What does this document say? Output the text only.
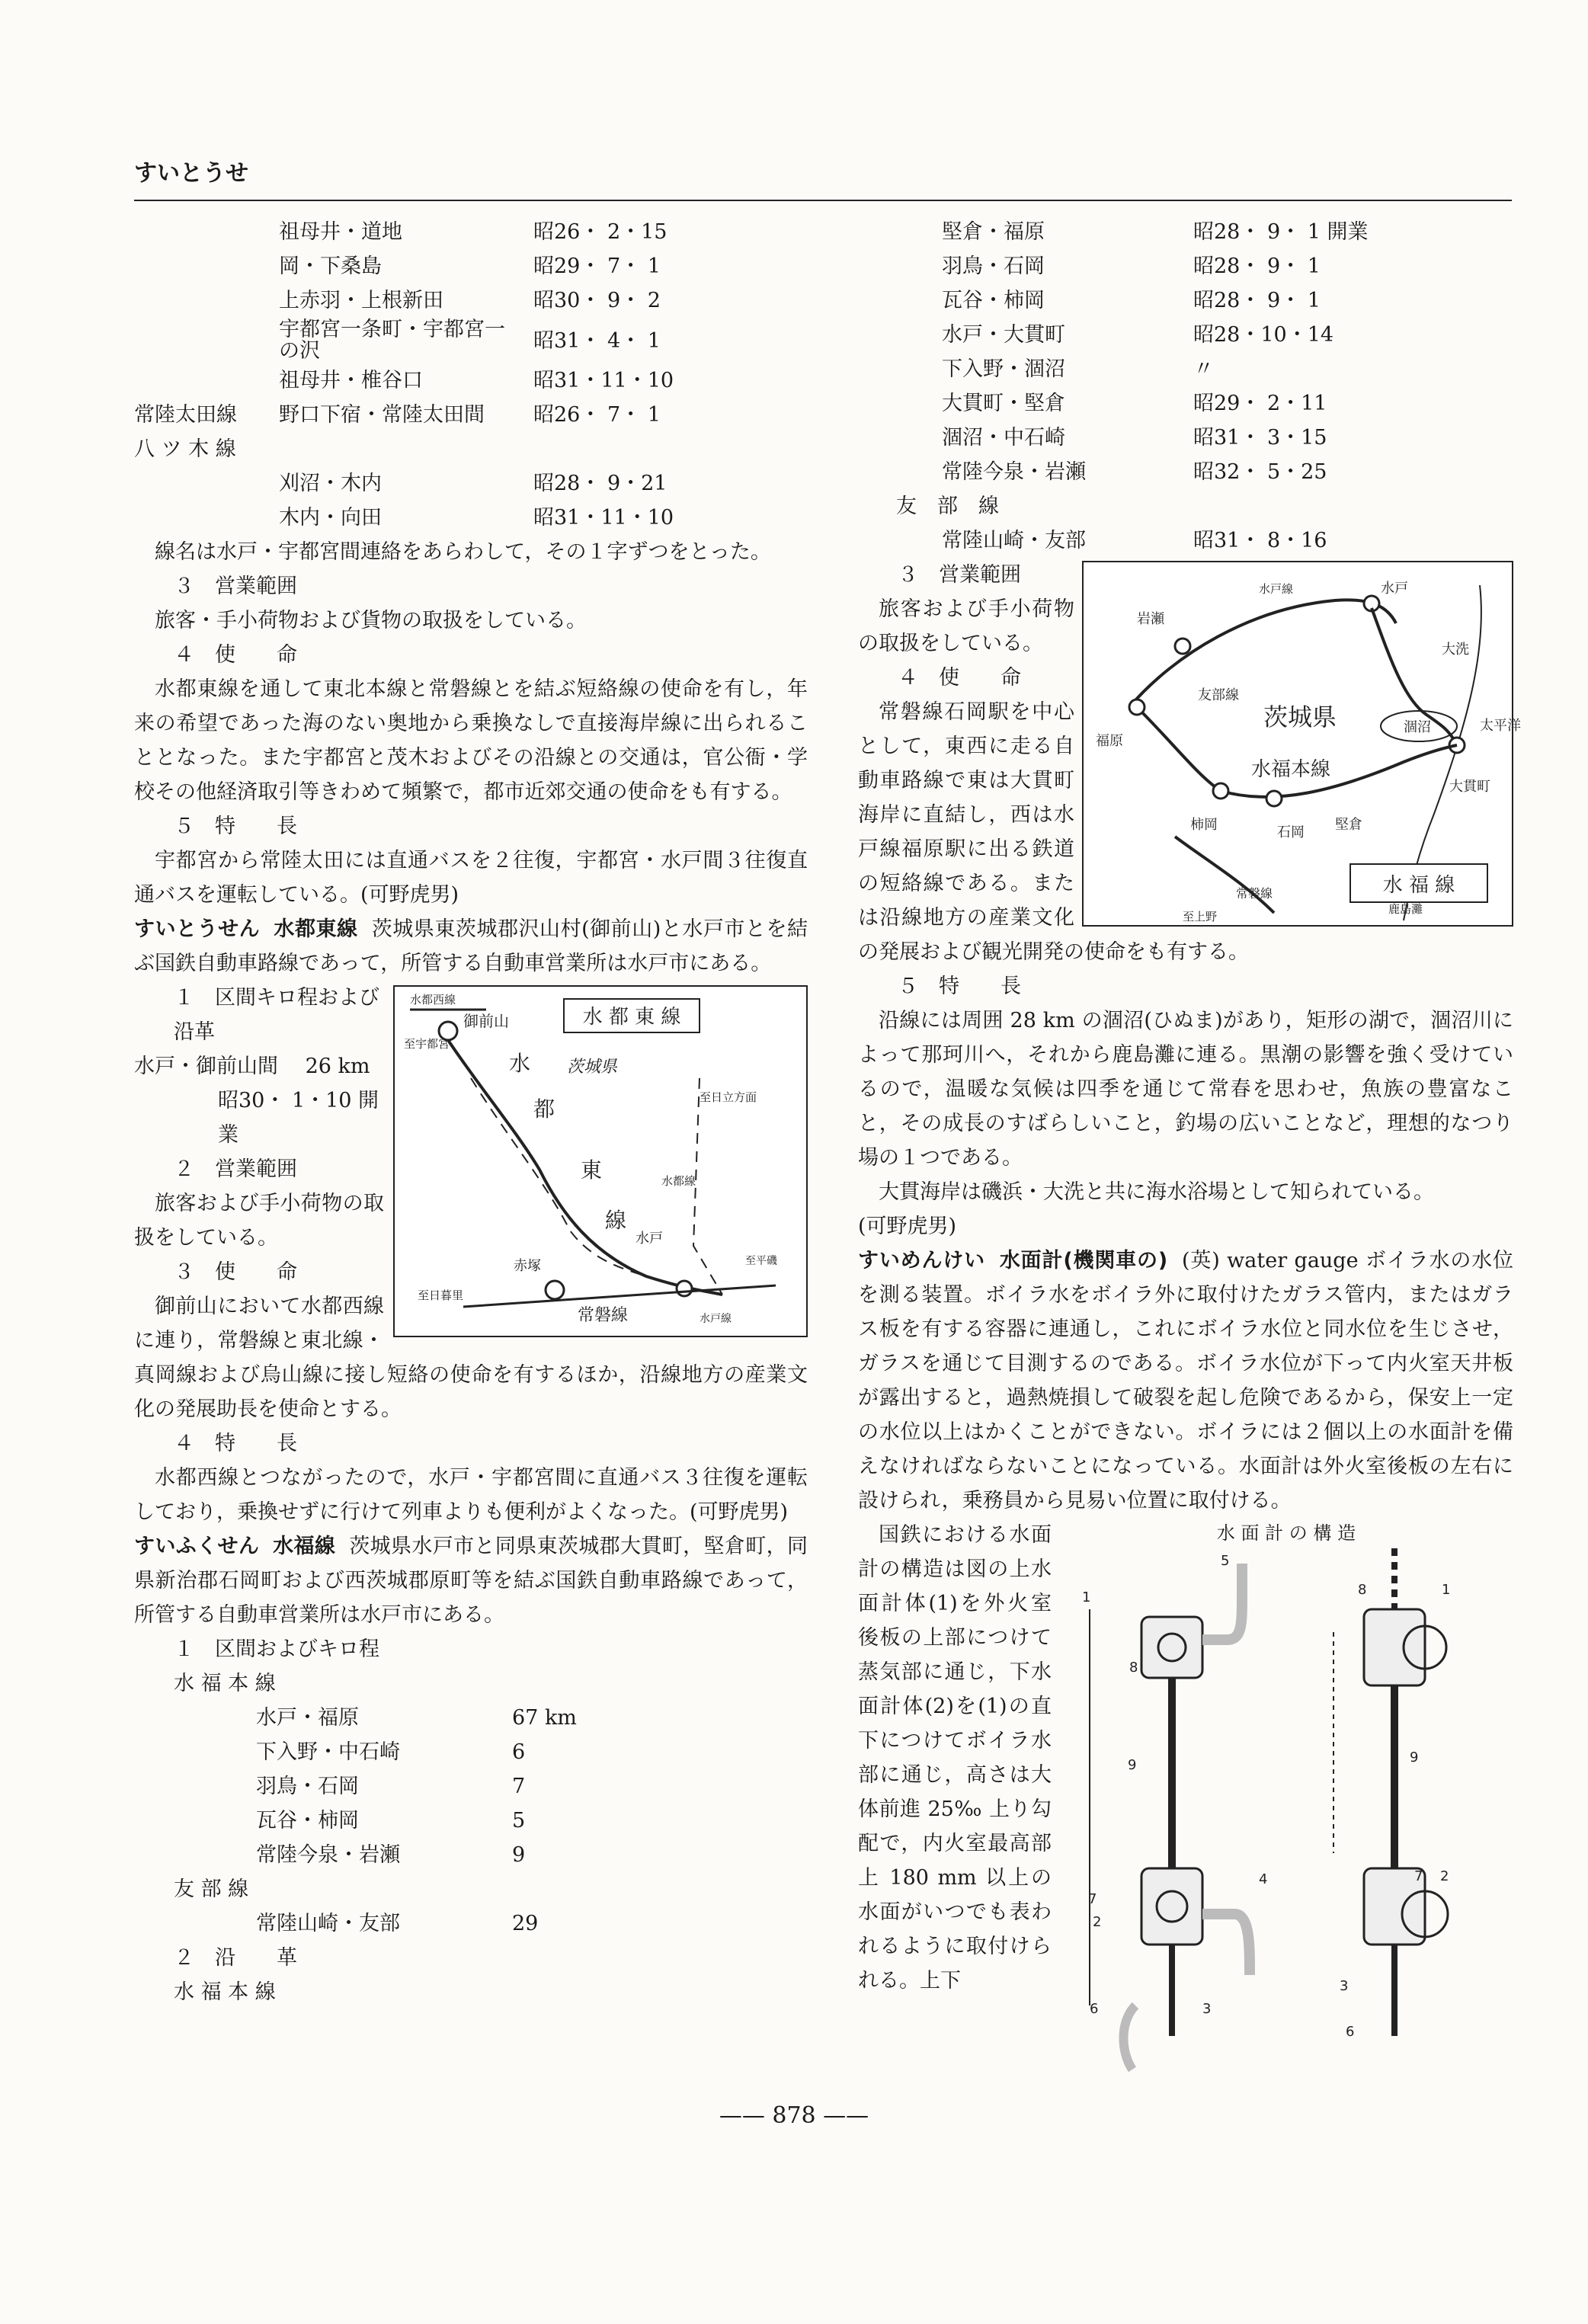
すいとうせ
祖母井・道地	昭26・ 2・15
岡・下桑島	昭29・ 7・ 1
上赤羽・上根新田	昭30・ 9・ 2
宇都宮一条町・宇都宮一の沢	昭31・ 4・ 1
祖母井・椎谷口	昭31・11・10
常陸太田線	野口下宿・常陸太田間	昭26・ 7・ 1
八 ツ 木 線
刈沼・木内	昭28・ 9・21
木内・向田	昭31・11・10

線名は水戸・宇都宮間連絡をあらわして，その１字ずつをとった。

３　営業範囲

旅客・手小荷物および貨物の取扱をしている。

４　使　　命

水都東線を通して東北本線と常磐線とを結ぶ短絡線の使命を有し，年来の希望であった海のない奥地から乗換なしで直接海岸線に出られることとなった。また宇都宮と茂木およびその沿線との交通は，官公衙・学校その他経済取引等きわめて頻繁で，都市近郊交通の使命をも有する。

５　特　　長

宇都宮から常陸太田には直通バスを２往復，宇都宮・水戸間３往復直通バスを運転している。(可野虎男)

すいとうせん 水都東線 茨城県東茨城郡沢山村(御前山)と水戸市とを結ぶ国鉄自動車路線であって，所管する自動車営業所は水戸市にある。

水 都 東 線
水都西線
御前山
至宇都宮
茨城県
至日立方面
水
都
東
線
水都線
水戸
赤塚
常磐線
至日暮里
水戸線
至平磯

１　区間キロ程および沿革

水戸・御前山間　 26 km

昭30・ 1・10 開業

２　営業範囲

旅客および手小荷物の取扱をしている。

３　使　　命

御前山において水都西線に連り，常磐線と東北線・真岡線および烏山線に接し短絡の使命を有するほか，沿線地方の産業文化の発展助長を使命とする。

４　特　　長

水都西線とつながったので，水戸・宇都宮間に直通バス３往復を運転しており，乗換せずに行けて列車よりも便利がよくなった。(可野虎男)

すいふくせん 水福線 茨城県水戸市と同県東茨城郡大貫町，堅倉町，同県新治郡石岡町および西茨城郡原町等を結ぶ国鉄自動車路線であって，所管する自動車営業所は水戸市にある。

１　区間およびキロ程

水 福 本 線

水戸・福原	67 km
下入野・中石崎	6
羽鳥・石岡	7
瓦谷・柿岡	5
常陸今泉・岩瀬	9

友 部 線

常陸山崎・友部	29

２　沿　　革

水 福 本 線

堅倉・福原	昭28・ 9・ 1 開業
羽鳥・石岡	昭28・ 9・ 1
瓦谷・柿岡	昭28・ 9・ 1
水戸・大貫町	昭28・10・14
下入野・涸沼	〃
大貫町・堅倉	昭29・ 2・11
涸沼・中石崎	昭31・ 3・15
常陸今泉・岩瀬	昭32・ 5・25
友　部　線
常陸山崎・友部	昭31・ 8・16
茨城県	太平洋
水戸
大貫町
大洗
涸沼
水福本線
福原
岩瀬
柿岡	石岡 堅倉
友部線
常磐線
至上野
水戸線
鹿島灘
水 福 線

３　営業範囲

旅客および手小荷物の取扱をしている。

４　使　　命

常磐線石岡駅を中心として，東西に走る自動車路線で東は大貫町海岸に直結し，西は水戸線福原駅に出る鉄道の短絡線である。または沿線地方の産業文化の発展および観光開発の使命をも有する。

５　特　　長

沿線には周囲 28 km の涸沼(ひぬま)があり，矩形の湖で，涸沼川によって那珂川へ，それから鹿島灘に連る。黒潮の影響を強く受けているので，温暖な気候は四季を通じて常春を思わせ，魚族の豊富なこと，その成長のすばらしいこと，釣場の広いことなど，理想的なつり場の１つである。

大貫海岸は磯浜・大洗と共に海水浴場として知られている。

(可野虎男)

すいめんけい 水面計(機関車の) (英) water gauge ボイラ水の水位を測る装置。ボイラ水をボイラ外に取付けたガラス管内，またはガラス板を有する容器に連通し，これにボイラ水位と同水位を生じさせ，ガラスを通じて目測するのである。ボイラ水位が下って内火室天井板が露出すると，過熱焼損して破裂を起し危険であるから，保安上一定の水位以上はかくことができない。ボイラには２個以上の水面計を備えなければならないことになっている。水面計は外火室後板の左右に設けられ，乗務員から見易い位置に取付ける。

水 面 計 の 構 造
1
8
5
9
4
7
2
6	3
8	1
9
7 2
3
6

国鉄における水面計の構造は図の上水面計体(1)を外火室後板の上部につけて蒸気部に通じ，下水面計体(2)を(1)の直下につけてボイラ水部に通じ，高さは大体前進 25‰ 上り勾配で，内火室最高部上 180 mm 以上の水面がいつでも表われるように取付けられる。上下

—— 878 ——
